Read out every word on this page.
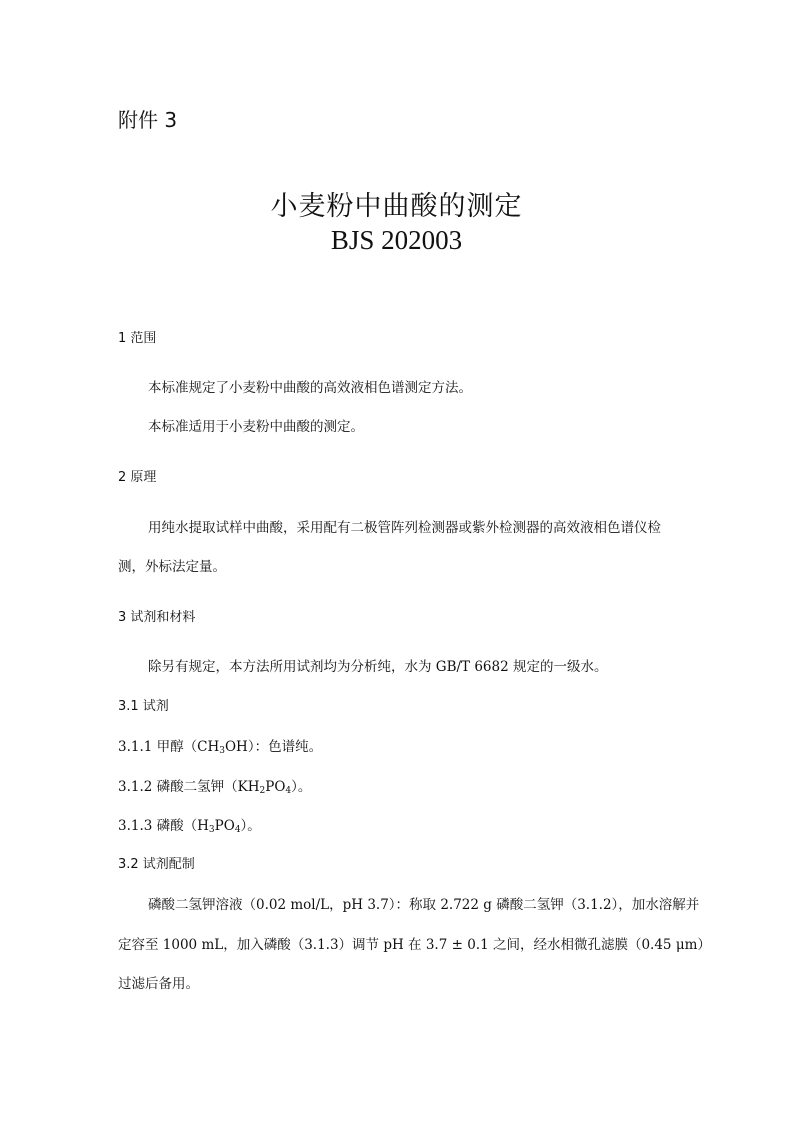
附件 3
小麦粉中曲酸的测定
BJS 202003
1 范围
本标准规定了小麦粉中曲酸的高效液相色谱测定方法。
本标准适用于小麦粉中曲酸的测定。
2 原理
用纯水提取试样中曲酸，采用配有二极管阵列检测器或紫外检测器的高效液相色谱仪检
测，外标法定量。
3 试剂和材料
除另有规定，本方法所用试剂均为分析纯，水为 GB/T 6682 规定的一级水。
3.1 试剂
3.1.1 甲醇$(CH_3OH)$：色谱纯。
3.1.2 磷酸二氢钾$(KH_2PO_4)$。
3.1.3 磷酸$(H_3PO_4)$。
3.2 试剂配制
磷酸二氢钾溶液（0.02 mol/L，pH 3.7）：称取 2.722 g 磷酸二氢钾（3.1.2），加水溶解并
定容至 1000 mL，加入磷酸（3.1.3）调节 pH 在 3.7 ± 0.1 之间，经水相微孔滤膜（0.45 μm）
过滤后备用。
